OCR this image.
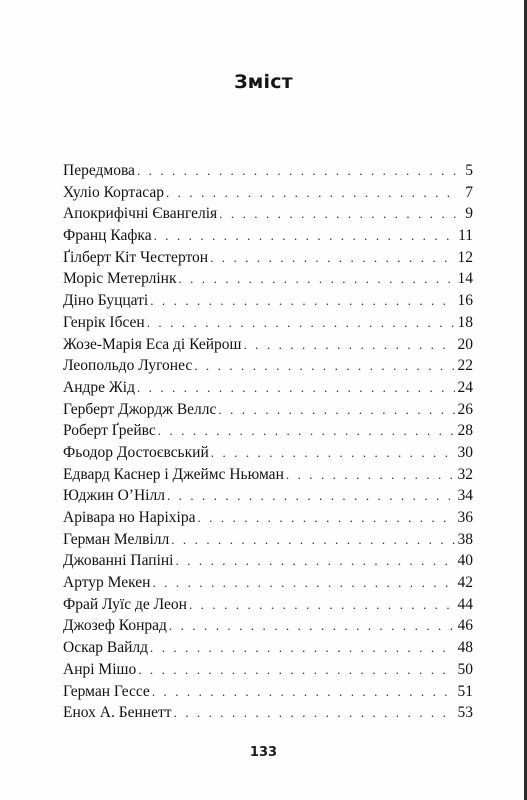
Зміст
Передмова . . .	5
Хуліо Кортасар . . .	7
Апокрифічні Євангелія . . .	9
Франц Кафка . . .	11
Ґілберт Кіт Честертон . . .	12
Моріс Метерлінк . . .	14
Діно Буццаті . . .	16
Генрік Ібсен . . .	18
Жозе-Марія Еса ді Кейрош . . .	20
Леопольдо Лугонес . . .	22
Андре Жід . . .	24
Герберт Джордж Веллс . . .	26
Роберт Ґрейвс . . .	28
Фьодор Достоєвський . . .	30
Едвард Каснер і Джеймс Ньюман . . .	32
Юджин О’Нілл . . .	34
Арівара но Наріхіра . . .	36
Герман Мелвілл . . .	38
Джованні Папіні . . .	40
Артур Мекен . . .	42
Фрай Луїс де Леон . . .	44
Джозеф Конрад . . .	46
Оскар Вайлд . . .	48
Анрі Мішо . . .	50
Герман Гессе . . .	51
Енох А. Беннетт . . .	53
133
